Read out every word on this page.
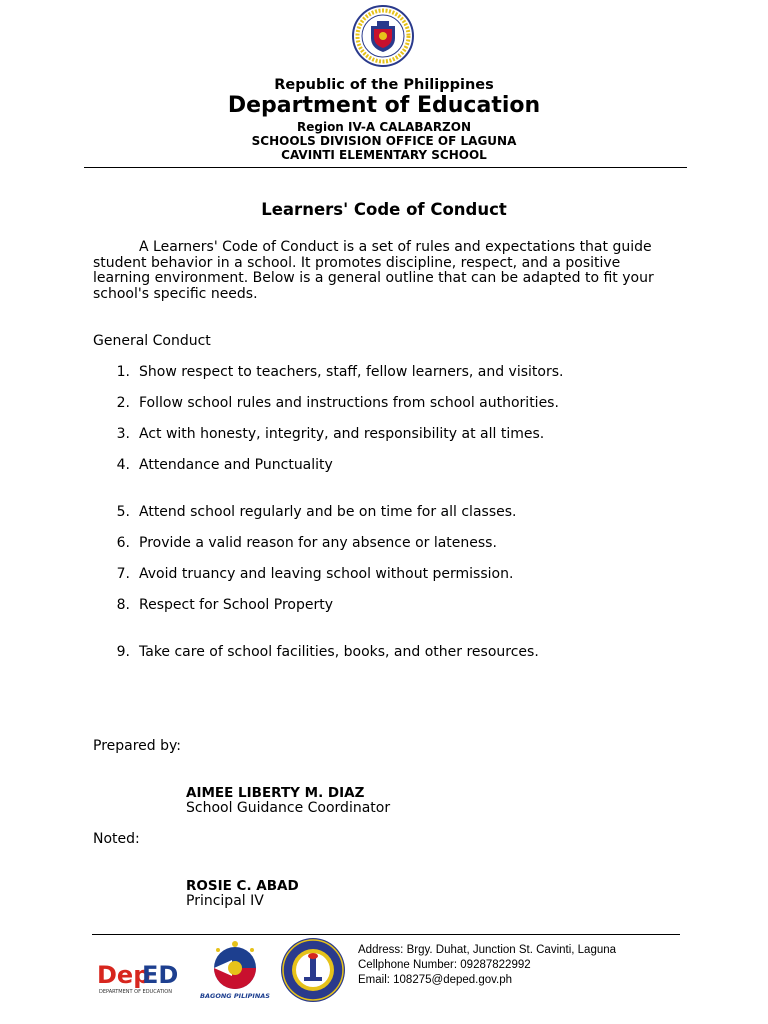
Republic of the Philippines
Department of Education
Region IV-A CALABARZON
SCHOOLS DIVISION OFFICE OF LAGUNA
CAVINTI ELEMENTARY SCHOOL
Learners' Code of Conduct

A Learners' Code of Conduct is a set of rules and expectations that guide student behavior in a school. It promotes discipline, respect, and a positive learning environment. Below is a general outline that can be adapted to fit your school's specific needs.

General Conduct
1. Show respect to teachers, staff, fellow learners, and visitors.
2. Follow school rules and instructions from school authorities.
3. Act with honesty, integrity, and responsibility at all times.
4. Attendance and Punctuality
5. Attend school regularly and be on time for all classes.
6. Provide a valid reason for any absence or lateness.
7. Avoid truancy and leaving school without permission.
8. Respect for School Property
9. Take care of school facilities, books, and other resources.
Prepared by:
AIMEE LIBERTY M. DIAZ
School Guidance Coordinator
Noted:
ROSIE C. ABAD
Principal IV
Dep
ED
DEPARTMENT OF EDUCATION	BAGONG PILIPINAS
Address: Brgy. Duhat, Junction St. Cavinti, Laguna
Cellphone Number: 09287822992
Email: 108275@deped.gov.ph
